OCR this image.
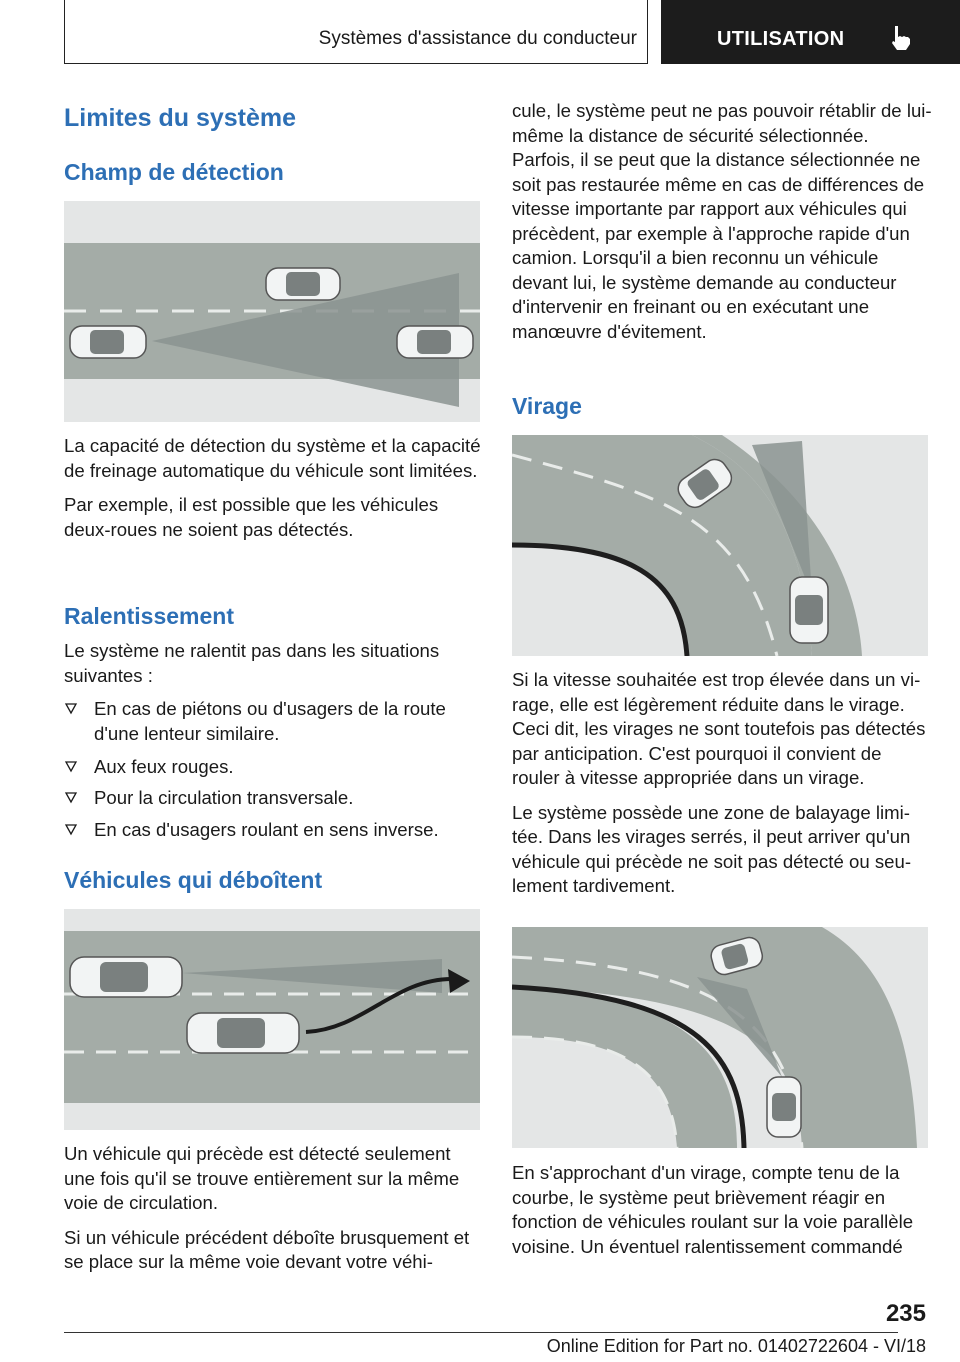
Systèmes d'assistance du conducteur	UTILISATION
Limites du système
Champ de détection

La capacité de détection du système et la capacité de freinage automatique du véhicule sont limitées.

Par exemple, il est possible que les véhicules deux-roues ne soient pas détectés.

Ralentissement

Le système ne ralentit pas dans les situations suivantes :

En cas de piétons ou d'usagers de la route d'une lenteur similaire.
Aux feux rouges.
Pour la circulation transversale.
En cas d'usagers roulant en sens inverse.
Véhicules qui déboîtent

Un véhicule qui précède est détecté seulement une fois qu'il se trouve entièrement sur la même voie de circulation.

Si un véhicule précédent déboîte brusquement et se place sur la même voie devant votre véhi-

cule, le système peut ne pas pouvoir rétablir de lui-même la distance de sécurité sélectionnée. Parfois, il se peut que la distance sélectionnée ne soit pas restaurée même en cas de différences de vitesse importante par rapport aux véhicules qui précèdent, par exemple à l'approche rapide d'un camion. Lorsqu'il a bien reconnu un véhicule devant lui, le système demande au conducteur d'intervenir en freinant ou en exécutant une manœuvre d'évitement.

Virage

Si la vitesse souhaitée est trop élevée dans un virage, elle est légèrement réduite dans le virage. Ceci dit, les virages ne sont toutefois pas détectés par anticipation. C'est pourquoi il convient de rouler à vitesse appropriée dans un virage.

Le système possède une zone de balayage limitée. Dans les virages serrés, il peut arriver qu'un véhicule qui précède ne soit pas détecté ou seulement tardivement.

En s'approchant d'un virage, compte tenu de la courbe, le système peut brièvement réagir en fonction de véhicules roulant sur la voie parallèle voisine. Un éventuel ralentissement commandé

235
Online Edition for Part no. 01402722604 - VI/18
